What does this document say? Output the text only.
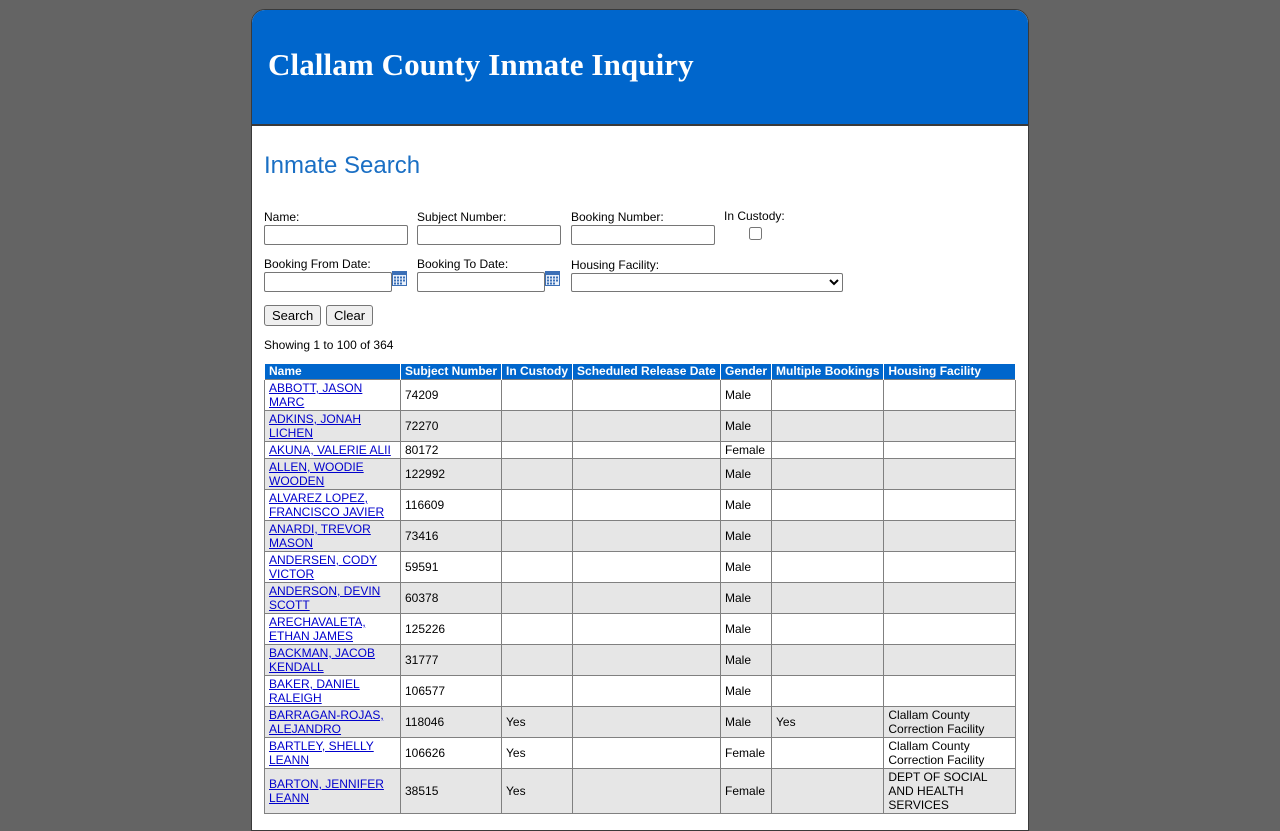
Clallam County Inmate Inquiry
Inmate Search
Name:	Subject Number:	Booking Number:	In Custody:
Booking From Date:	Booking To Date:	Housing Facility:
Search	Clear
Showing 1 to 100 of 364
Name	Subject Number	In Custody	Scheduled Release Date	Gender	Multiple Bookings	Housing Facility
ABBOTT, JASON MARC	74209			Male		
ADKINS, JONAH LICHEN	72270			Male		
AKUNA, VALERIE ALII	80172			Female		
ALLEN, WOODIE WOODEN	122992			Male		
ALVAREZ LOPEZ, FRANCISCO JAVIER	116609			Male		
ANARDI, TREVOR MASON	73416			Male		
ANDERSEN, CODY VICTOR	59591			Male		
ANDERSON, DEVIN SCOTT	60378			Male		
ARECHAVALETA, ETHAN JAMES	125226			Male		
BACKMAN, JACOB KENDALL	31777			Male		
BAKER, DANIEL RALEIGH	106577			Male		
BARRAGAN-ROJAS, ALEJANDRO	118046	Yes		Male	Yes	Clallam County Correction Facility
BARTLEY, SHELLY LEANN	106626	Yes		Female		Clallam County Correction Facility
BARTON, JENNIFER LEANN	38515	Yes		Female		DEPT OF SOCIAL AND HEALTH SERVICES
